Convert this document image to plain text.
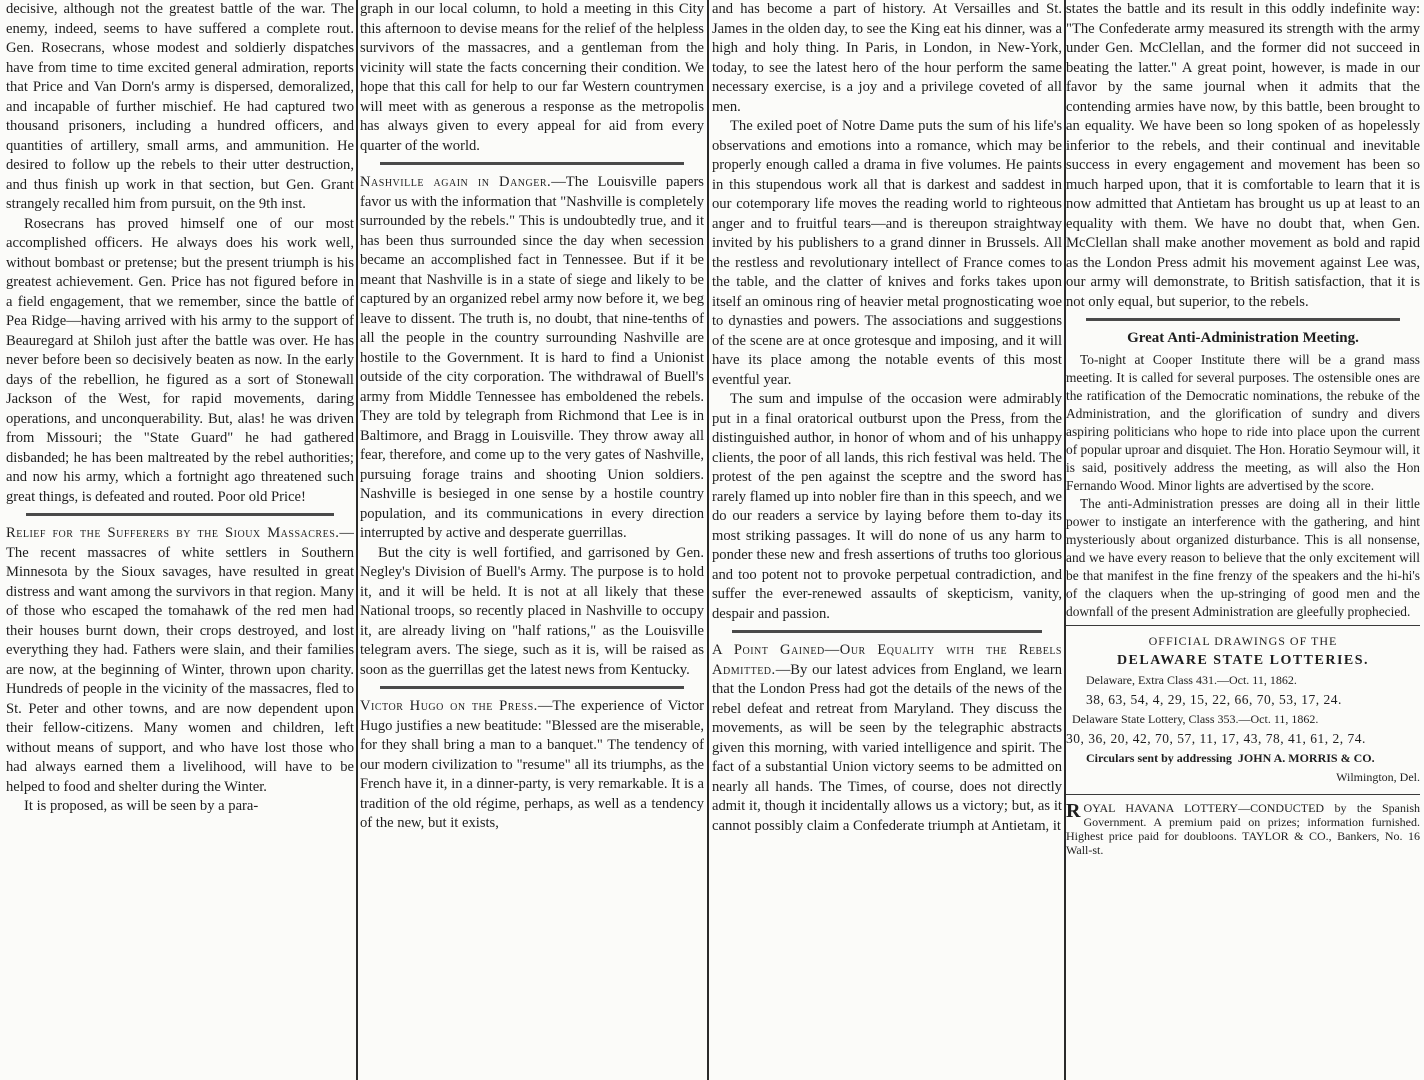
decisive, although not the greatest battle of the war. The enemy, indeed, seems to have suffered a complete rout. Gen. Rosecrans, whose modest and soldierly dispatches have from time to time excited general admiration, reports that Price and Van Dorn's army is dispersed, demoralized, and incapable of further mischief. He had captured two thousand prisoners, including a hundred officers, and quantities of artillery, small arms, and ammunition. He desired to follow up the rebels to their utter destruction, and thus finish up work in that section, but Gen. Grant strangely recalled him from pursuit, on the 9th inst.

Rosecrans has proved himself one of our most accomplished officers. He always does his work well, without bombast or pretense; but the present triumph is his greatest achievement. Gen. Price has not figured before in a field engagement, that we remember, since the battle of Pea Ridge—having arrived with his army to the support of Beauregard at Shiloh just after the battle was over. He has never before been so decisively beaten as now. In the early days of the rebellion, he figured as a sort of Stonewall Jackson of the West, for rapid movements, daring operations, and unconquerability. But, alas! he was driven from Missouri; the "State Guard" he had gathered disbanded; he has been maltreated by the rebel authorities; and now his army, which a fortnight ago threatened such great things, is defeated and routed. Poor old Price!

Relief for the Sufferers by the Sioux Massacres.—The recent massacres of white settlers in Southern Minnesota by the Sioux savages, have resulted in great distress and want among the survivors in that region. Many of those who escaped the tomahawk of the red men had their houses burnt down, their crops destroyed, and lost everything they had. Fathers were slain, and their families are now, at the beginning of Winter, thrown upon charity. Hundreds of people in the vicinity of the massacres, fled to St. Peter and other towns, and are now dependent upon their fellow-citizens. Many women and children, left without means of support, and who have lost those who had always earned them a livelihood, will have to be helped to food and shelter during the Winter.

It is proposed, as will be seen by a para-

graph in our local column, to hold a meeting in this City this afternoon to devise means for the relief of the helpless survivors of the massacres, and a gentleman from the vicinity will state the facts concerning their condition. We hope that this call for help to our far Western countrymen will meet with as generous a response as the metropolis has always given to every appeal for aid from every quarter of the world.

Nashville again in Danger.—The Louisville papers favor us with the information that "Nashville is completely surrounded by the rebels." This is undoubtedly true, and it has been thus surrounded since the day when secession became an accomplished fact in Tennessee. But if it be meant that Nashville is in a state of siege and likely to be captured by an organized rebel army now before it, we beg leave to dissent. The truth is, no doubt, that nine-tenths of all the people in the country surrounding Nashville are hostile to the Government. It is hard to find a Unionist outside of the city corporation. The withdrawal of Buell's army from Middle Tennessee has emboldened the rebels. They are told by telegraph from Richmond that Lee is in Baltimore, and Bragg in Louisville. They throw away all fear, therefore, and come up to the very gates of Nashville, pursuing forage trains and shooting Union soldiers. Nashville is besieged in one sense by a hostile country population, and its communications in every direction interrupted by active and desperate guerrillas.

But the city is well fortified, and garrisoned by Gen. Negley's Division of Buell's Army. The purpose is to hold it, and it will be held. It is not at all likely that these National troops, so recently placed in Nashville to occupy it, are already living on "half rations," as the Louisville telegram avers. The siege, such as it is, will be raised as soon as the guerrillas get the latest news from Kentucky.

Victor Hugo on the Press.—The experience of Victor Hugo justifies a new beatitude: "Blessed are the miserable, for they shall bring a man to a banquet." The tendency of our modern civilization to "resume" all its triumphs, as the French have it, in a dinner-party, is very remarkable. It is a tradition of the old régime, perhaps, as well as a tendency of the new, but it exists,

and has become a part of history. At Versailles and St. James in the olden day, to see the King eat his dinner, was a high and holy thing. In Paris, in London, in New-York, today, to see the latest hero of the hour perform the same necessary exercise, is a joy and a privilege coveted of all men.

The exiled poet of Notre Dame puts the sum of his life's observations and emotions into a romance, which may be properly enough called a drama in five volumes. He paints in this stupendous work all that is darkest and saddest in our cotemporary life moves the reading world to righteous anger and to fruitful tears—and is thereupon straightway invited by his publishers to a grand dinner in Brussels. All the restless and revolutionary intellect of France comes to the table, and the clatter of knives and forks takes upon itself an ominous ring of heavier metal prognosticating woe to dynasties and powers. The associations and suggestions of the scene are at once grotesque and imposing, and it will have its place among the notable events of this most eventful year.

The sum and impulse of the occasion were admirably put in a final oratorical outburst upon the Press, from the distinguished author, in honor of whom and of his unhappy clients, the poor of all lands, this rich festival was held. The protest of the pen against the sceptre and the sword has rarely flamed up into nobler fire than in this speech, and we do our readers a service by laying before them to-day its most striking passages. It will do none of us any harm to ponder these new and fresh assertions of truths too glorious and too potent not to provoke perpetual contradiction, and suffer the ever-renewed assaults of skepticism, vanity, despair and passion.

A Point Gained—Our Equality with the Rebels Admitted.—By our latest advices from England, we learn that the London Press had got the details of the news of the rebel defeat and retreat from Maryland. They discuss the movements, as will be seen by the telegraphic abstracts given this morning, with varied intelligence and spirit. The fact of a substantial Union victory seems to be admitted on nearly all hands. The Times, of course, does not directly admit it, though it incidentally allows us a victory; but, as it cannot possibly claim a Confederate triumph at Antietam, it

states the battle and its result in this oddly indefinite way: "The Confederate army measured its strength with the army under Gen. McClellan, and the former did not succeed in beating the latter." A great point, however, is made in our favor by the same journal when it admits that the contending armies have now, by this battle, been brought to an equality. We have been so long spoken of as hopelessly inferior to the rebels, and their continual and inevitable success in every engagement and movement has been so much harped upon, that it is comfortable to learn that it is now admitted that Antietam has brought us up at least to an equality with them. We have no doubt that, when Gen. McClellan shall make another movement as bold and rapid as the London Press admit his movement against Lee was, our army will demonstrate, to British satisfaction, that it is not only equal, but superior, to the rebels.

Great Anti-Administration Meeting.

To-night at Cooper Institute there will be a grand mass meeting. It is called for several purposes. The ostensible ones are the ratification of the Democratic nominations, the rebuke of the Administration, and the glorification of sundry and divers aspiring politicians who hope to ride into place upon the current of popular uproar and disquiet. The Hon. Horatio Seymour will, it is said, positively address the meeting, as will also the Hon Fernando Wood. Minor lights are advertised by the score.

The anti-Administration presses are doing all in their little power to instigate an interference with the gathering, and hint mysteriously about organized disturbance. This is all nonsense, and we have every reason to believe that the only excitement will be that manifest in the fine frenzy of the speakers and the hi-hi's of the claquers when the up-stringing of good men and the downfall of the present Administration are gleefully prophecied.

OFFICIAL DRAWINGS OF THE
DELAWARE STATE LOTTERIES.
Delaware, Extra Class 431.—Oct. 11, 1862.
38, 63, 54, 4, 29, 15, 22, 66, 70, 53, 17, 24.
Delaware State Lottery, Class 353.—Oct. 11, 1862.
30, 36, 20, 42, 70, 57, 11, 17, 43, 78, 41, 61, 2, 74.
Circulars sent by addressing JOHN A. MORRIS & CO.
Wilmington, Del.
ROYAL HAVANA LOTTERY—CONDUCTED by the Spanish Government. A premium paid on prizes; information furnished. Highest price paid for doubloons. TAYLOR & CO., Bankers, No. 16 Wall-st.
